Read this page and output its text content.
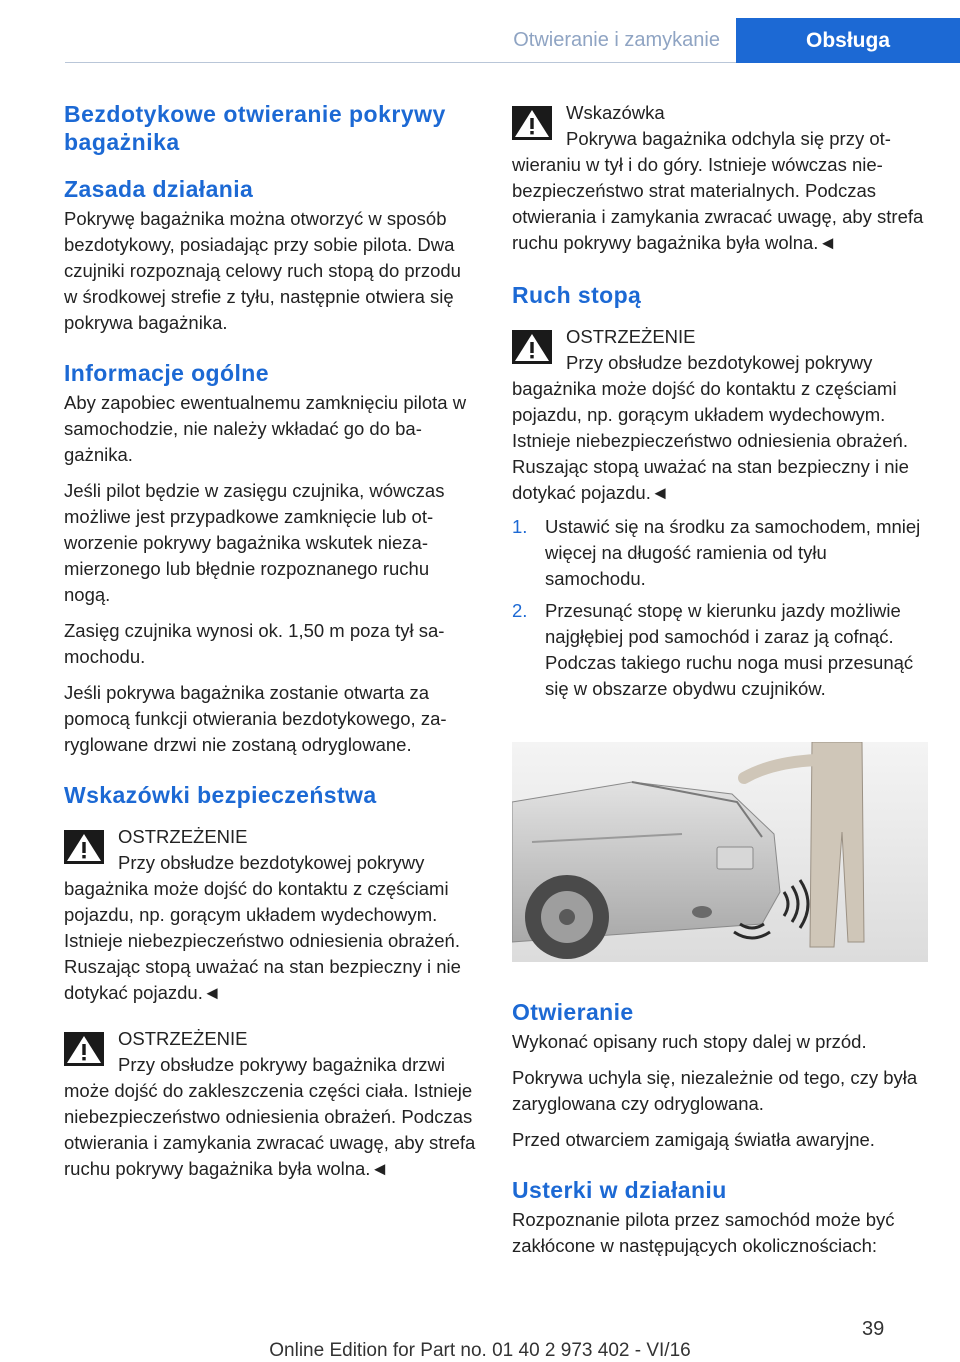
Otwieranie i zamykanie	Obsługa
Bezdotykowe otwieranie pokrywy bagażnika
Zasada działania

Pokrywę bagażnika można otworzyć w sposób bezdotykowy, posiadając przy sobie pilota. Dwa czujniki rozpoznają celowy ruch stopą do przodu w środkowej strefie z tyłu, następnie otwiera się pokrywa bagażnika.

Informacje ogólne

Aby zapobiec ewentualnemu zamknięciu pilota w samochodzie, nie należy wkładać go do bagażnika.

Jeśli pilot będzie w zasięgu czujnika, wówczas możliwe jest przypadkowe zamknięcie lub otworzenie pokrywy bagażnika wskutek niezamierzonego lub błędnie rozpoznanego ruchu nogą.

Zasięg czujnika wynosi ok. 1,50 m poza tył samochodu.

Jeśli pokrywa bagażnika zostanie otwarta za pomocą funkcji otwierania bezdotykowego, zaryglowane drzwi nie zostaną odryglowane.

Wskazówki bezpieczeństwa

OSTRZEŻENIE
Przy obsłudze bezdotykowej pokrywy bagażnika może dojść do kontaktu z częściami pojazdu, np. gorącym układem wydechowym. Istnieje niebezpieczeństwo odniesienia obrażeń. Ruszając stopą uważać na stan bezpieczny i nie dotykać pojazdu.◄

OSTRZEŻENIE
Przy obsłudze pokrywy bagażnika drzwi może dojść do zakleszczenia części ciała. Istnieje niebezpieczeństwo odniesienia obrażeń. Podczas otwierania i zamykania zwracać uwagę, aby strefa ruchu pokrywy bagażnika była wolna.◄

Wskazówka
Pokrywa bagażnika odchyla się przy otwieraniu w tył i do góry. Istnieje wówczas niebezpieczeństwo strat materialnych. Podczas otwierania i zamykania zwracać uwagę, aby strefa ruchu pokrywy bagażnika była wolna.◄

Ruch stopą

OSTRZEŻENIE
Przy obsłudze bezdotykowej pokrywy bagażnika może dojść do kontaktu z częściami pojazdu, np. gorącym układem wydechowym. Istnieje niebezpieczeństwo odniesienia obrażeń. Ruszając stopą uważać na stan bezpieczny i nie dotykać pojazdu.◄

1. Ustawić się na środku za samochodem, mniej więcej na długość ramienia od tyłu samochodu.
2. Przesunąć stopę w kierunku jazdy możliwie najgłębiej pod samochód i zaraz ją cofnąć. Podczas takiego ruchu noga musi przesunąć się w obszarze obydwu czujników.
Otwieranie

Wykonać opisany ruch stopy dalej w przód.

Pokrywa uchyla się, niezależnie od tego, czy była zaryglowana czy odryglowana.

Przed otwarciem zamigają światła awaryjne.

Usterki w działaniu

Rozpoznanie pilota przez samochód może być zakłócone w następujących okolicznościach:

39
Online Edition for Part no. 01 40 2 973 402 - VI/16
